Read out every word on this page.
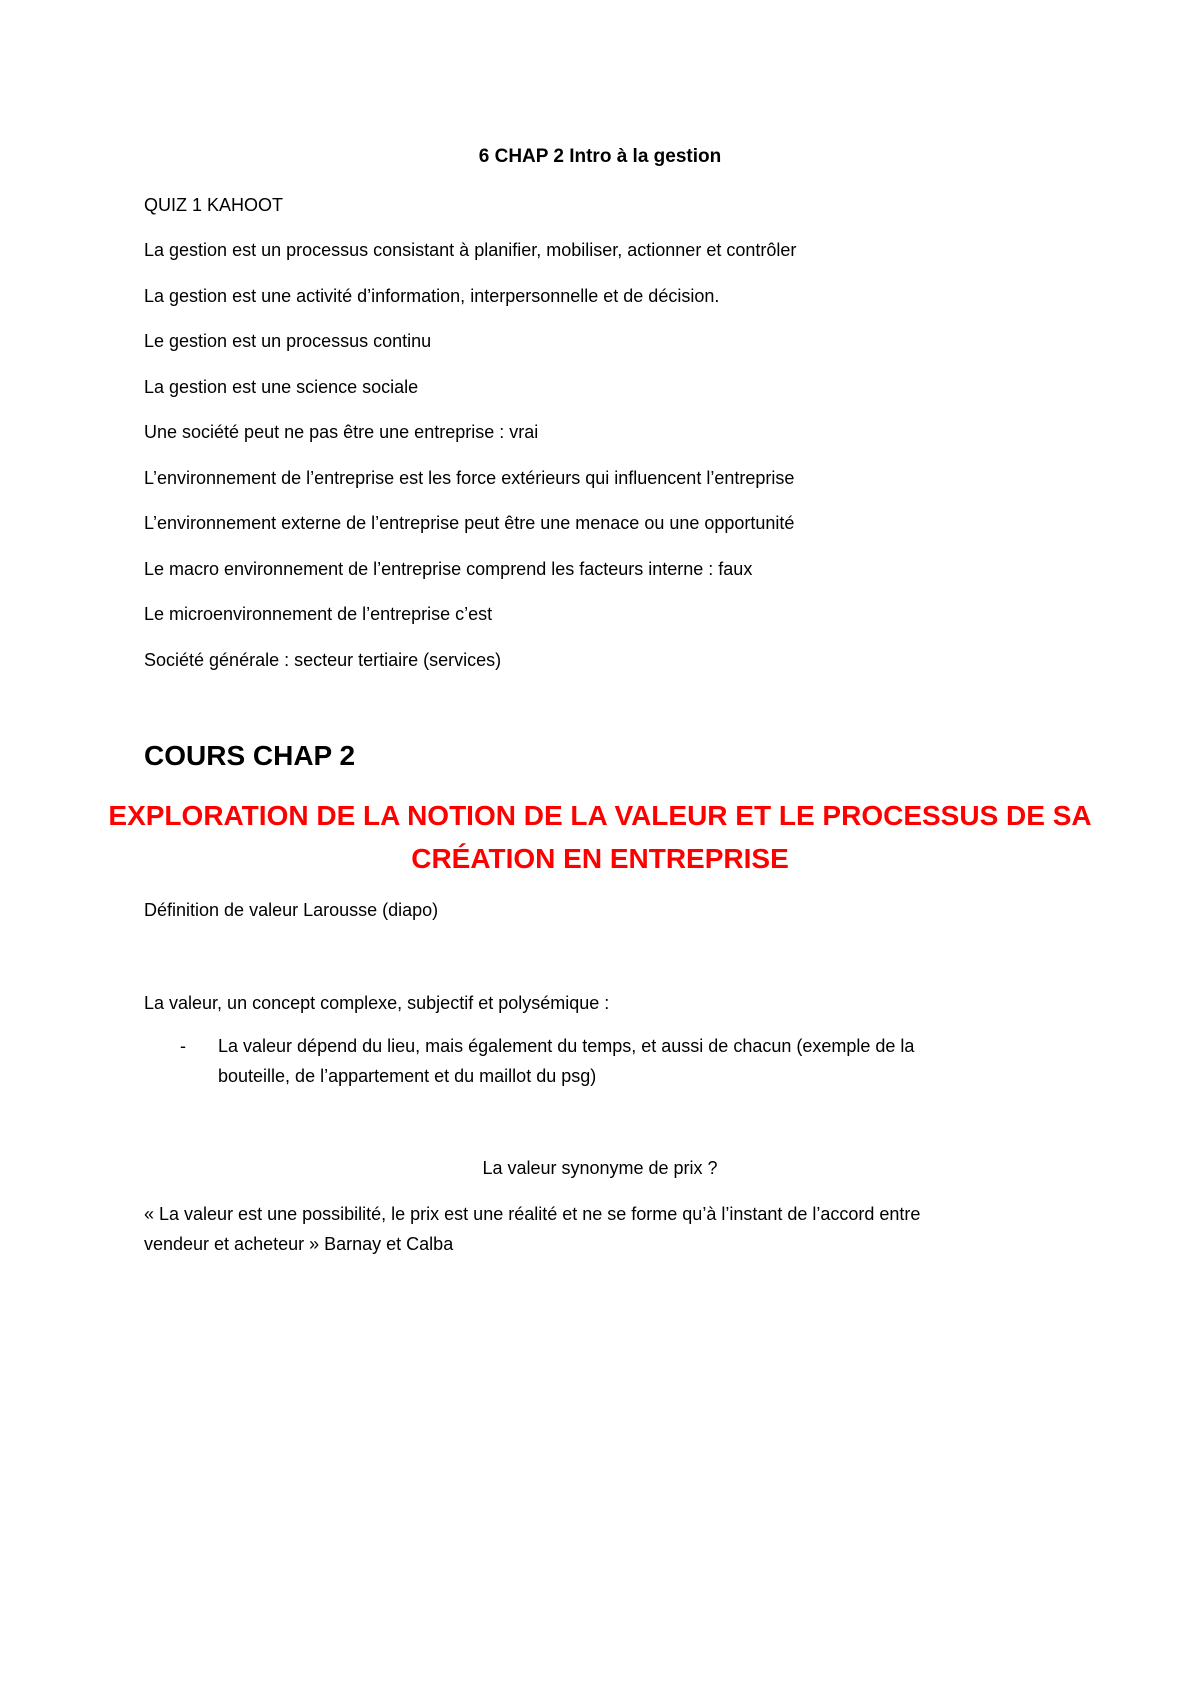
6 CHAP 2 Intro à la gestion
QUIZ 1 KAHOOT
La gestion est un processus consistant à planifier, mobiliser, actionner et contrôler
La gestion est une activité d’information, interpersonnelle et de décision.
Le gestion est un processus continu
La gestion est une science sociale
Une société peut ne pas être une entreprise : vrai
L’environnement de l’entreprise est les force extérieurs qui influencent l’entreprise
L’environnement externe de l’entreprise peut être une menace ou une opportunité
Le macro environnement de l’entreprise comprend les facteurs interne : faux
Le microenvironnement de l’entreprise c’est
Société générale : secteur tertiaire (services)
COURS CHAP 2
EXPLORATION DE LA NOTION DE LA VALEUR ET LE PROCESSUS DE SA
CRÉATION EN ENTREPRISE
Définition de valeur Larousse (diapo)
La valeur, un concept complexe, subjectif et polysémique :
- La valeur dépend du lieu, mais également du temps, et aussi de chacun (exemple de la
bouteille, de l’appartement et du maillot du psg)
La valeur synonyme de prix ?
« La valeur est une possibilité, le prix est une réalité et ne se forme qu’à l’instant de l’accord entre
vendeur et acheteur » Barnay et Calba
